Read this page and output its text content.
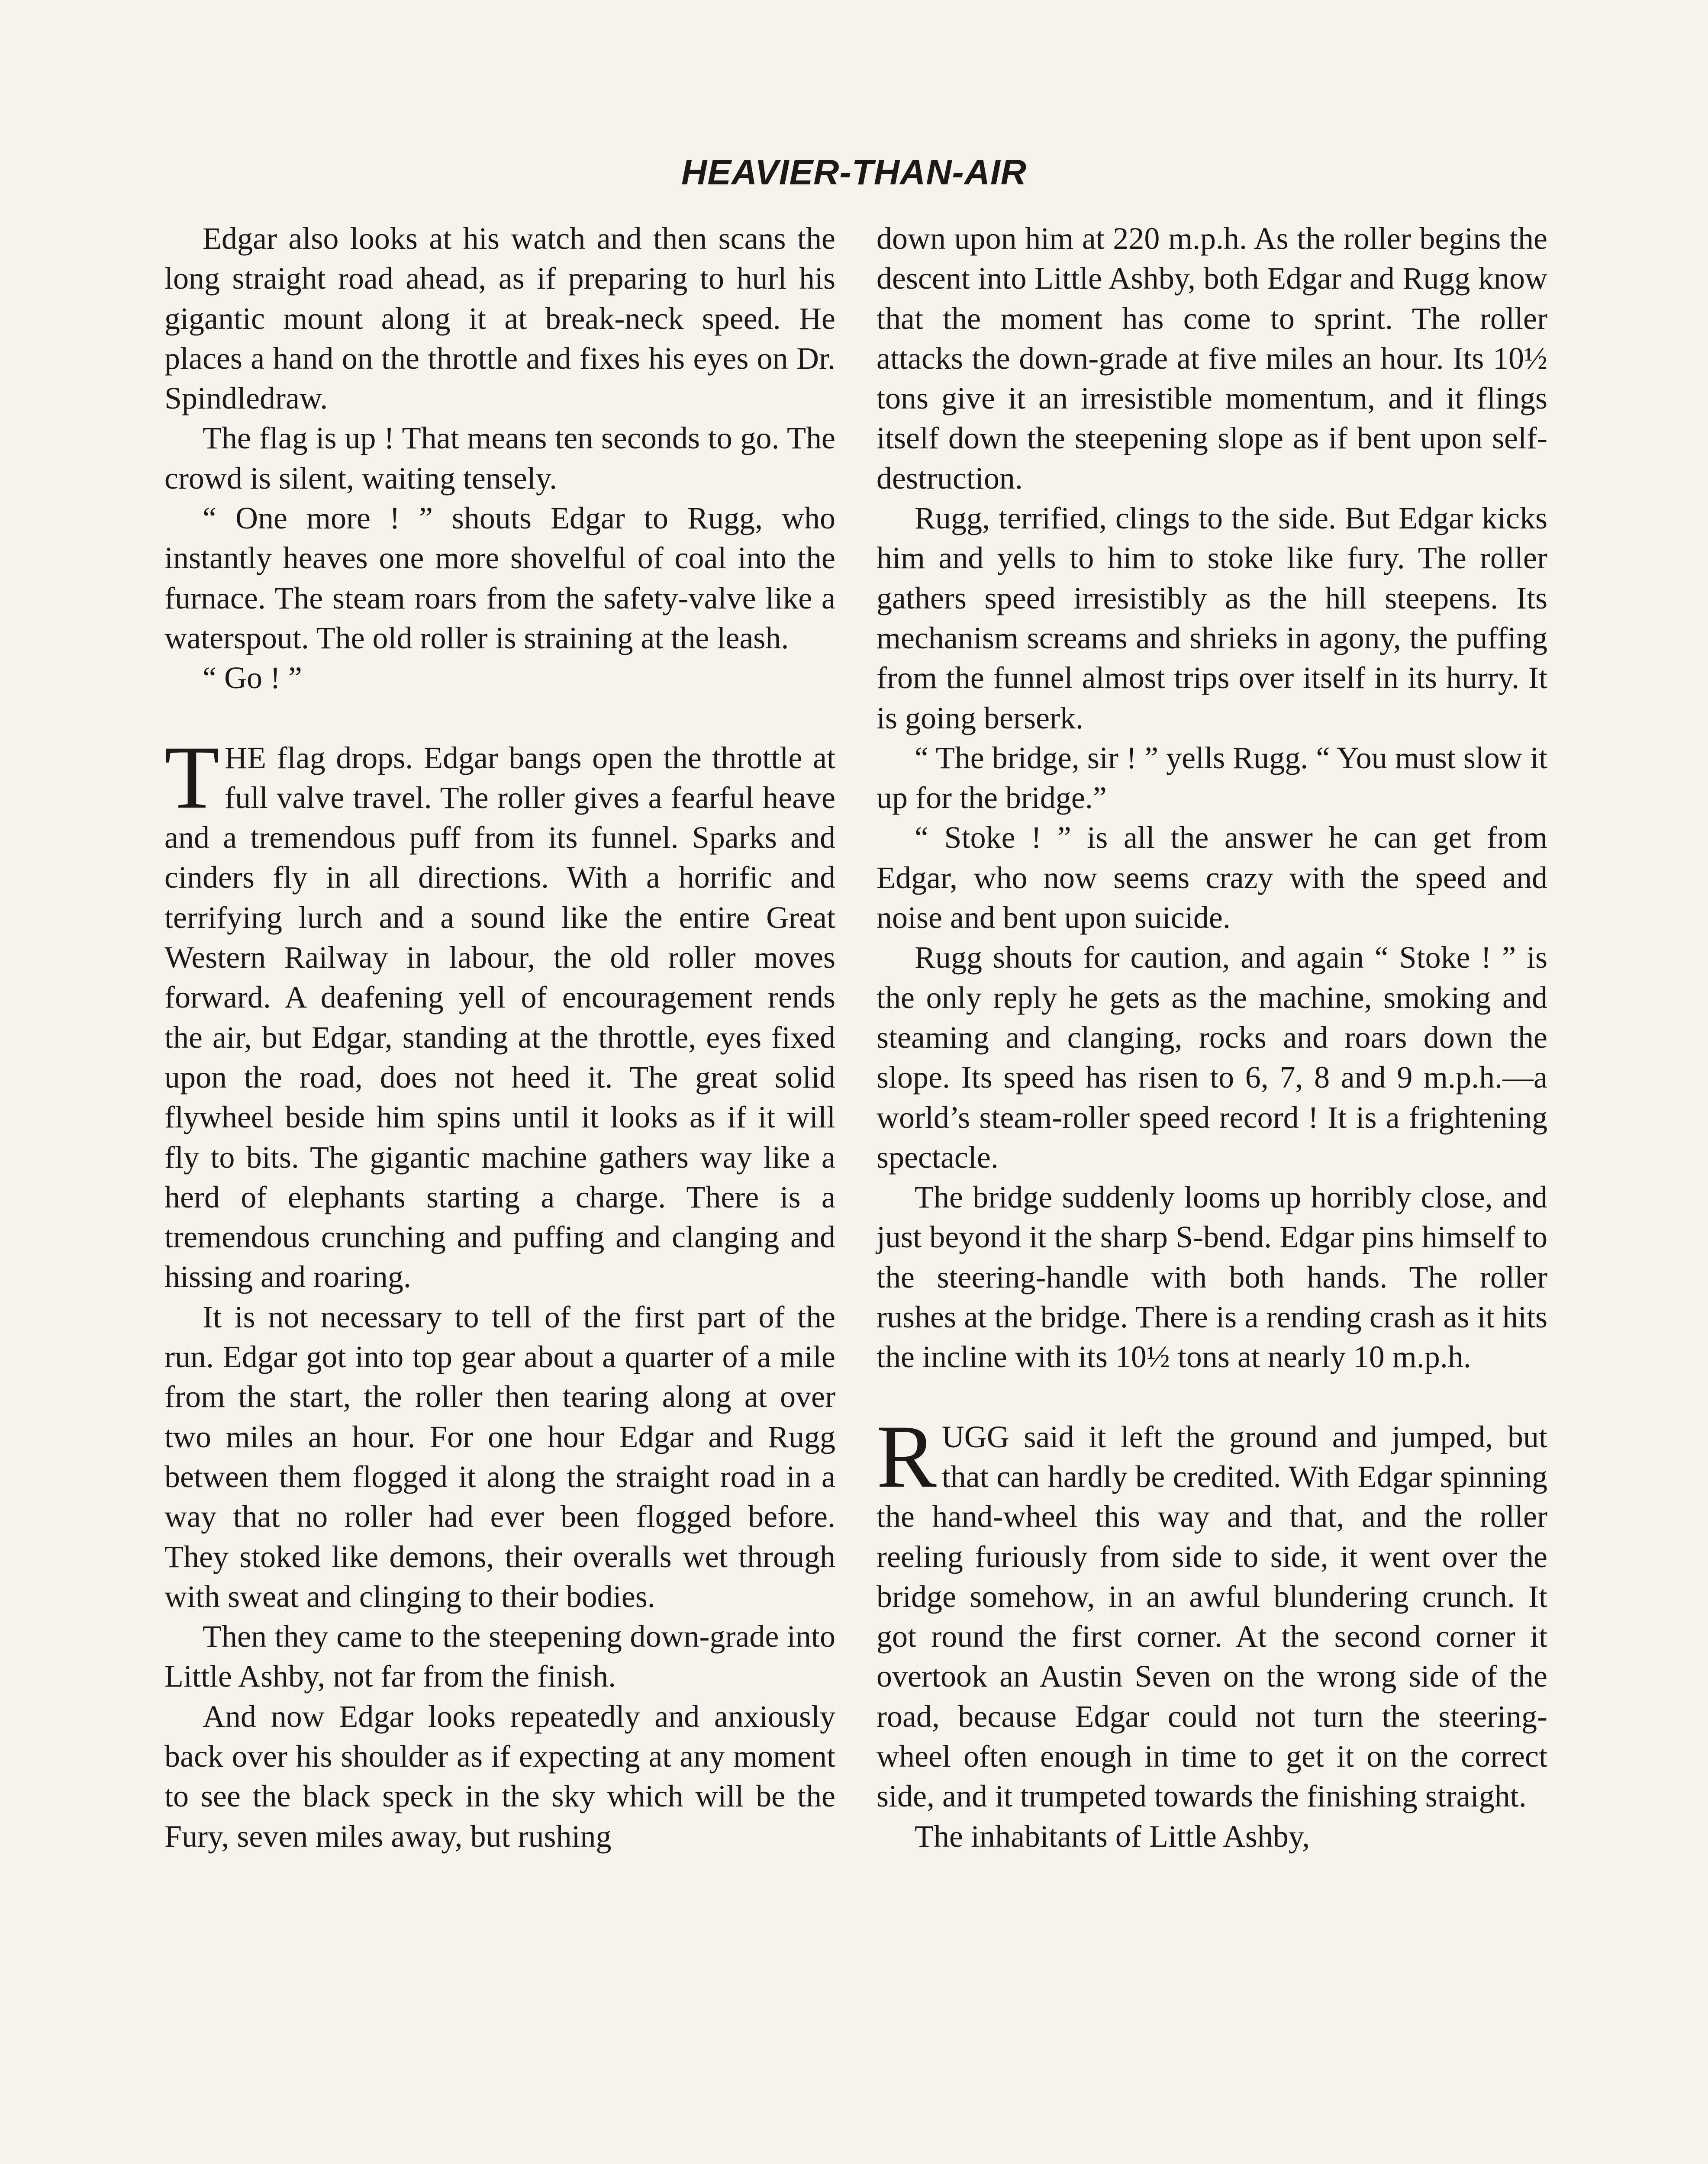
HEAVIER-THAN-AIR

Edgar also looks at his watch and then scans the long straight road ahead, as if preparing to hurl his gigantic mount along it at break-neck speed. He places a hand on the throttle and fixes his eyes on Dr. Spindledraw.

The flag is up ! That means ten seconds to go. The crowd is silent, waiting tensely.

“ One more ! ” shouts Edgar to Rugg, who instantly heaves one more shovelful of coal into the furnace. The steam roars from the safety-valve like a waterspout. The old roller is straining at the leash.

“ Go ! ”

THE flag drops. Edgar bangs open the throttle at full valve travel. The roller gives a fearful heave and a tremendous puff from its funnel. Sparks and cinders fly in all directions. With a horrific and terrifying lurch and a sound like the entire Great Western Railway in labour, the old roller moves forward. A deafening yell of encouragement rends the air, but Edgar, standing at the throttle, eyes fixed upon the road, does not heed it. The great solid flywheel beside him spins until it looks as if it will fly to bits. The gigantic machine gathers way like a herd of elephants starting a charge. There is a tremendous crunching and puffing and clanging and hissing and roaring.

It is not necessary to tell of the first part of the run. Edgar got into top gear about a quarter of a mile from the start, the roller then tearing along at over two miles an hour. For one hour Edgar and Rugg between them flogged it along the straight road in a way that no roller had ever been flogged before. They stoked like demons, their overalls wet through with sweat and clinging to their bodies.

Then they came to the steepening down-grade into Little Ashby, not far from the finish.

And now Edgar looks repeatedly and anxiously back over his shoulder as if expecting at any moment to see the black speck in the sky which will be the Fury, seven miles away, but rushing

down upon him at 220 m.p.h. As the roller begins the descent into Little Ashby, both Edgar and Rugg know that the moment has come to sprint. The roller attacks the down-grade at five miles an hour. Its 10½ tons give it an irresistible momentum, and it flings itself down the steepening slope as if bent upon self-destruction.

Rugg, terrified, clings to the side. But Edgar kicks him and yells to him to stoke like fury. The roller gathers speed irresistibly as the hill steepens. Its mechanism screams and shrieks in agony, the puffing from the funnel almost trips over itself in its hurry. It is going berserk.

“ The bridge, sir ! ” yells Rugg. “ You must slow it up for the bridge.”

“ Stoke ! ” is all the answer he can get from Edgar, who now seems crazy with the speed and noise and bent upon suicide.

Rugg shouts for caution, and again “ Stoke ! ” is the only reply he gets as the machine, smoking and steaming and clanging, rocks and roars down the slope. Its speed has risen to 6, 7, 8 and 9 m.p.h.—a world’s steam-roller speed record ! It is a frightening spectacle.

The bridge suddenly looms up horribly close, and just beyond it the sharp S-bend. Edgar pins himself to the steering-handle with both hands. The roller rushes at the bridge. There is a rending crash as it hits the incline with its 10½ tons at nearly 10 m.p.h.

RUGG said it left the ground and jumped, but that can hardly be credited. With Edgar spinning the hand-wheel this way and that, and the roller reeling furiously from side to side, it went over the bridge somehow, in an awful blundering crunch. It got round the first corner. At the second corner it overtook an Austin Seven on the wrong side of the road, because Edgar could not turn the steering-wheel often enough in time to get it on the correct side, and it trumpeted towards the finishing straight.

The inhabitants of Little Ashby,
